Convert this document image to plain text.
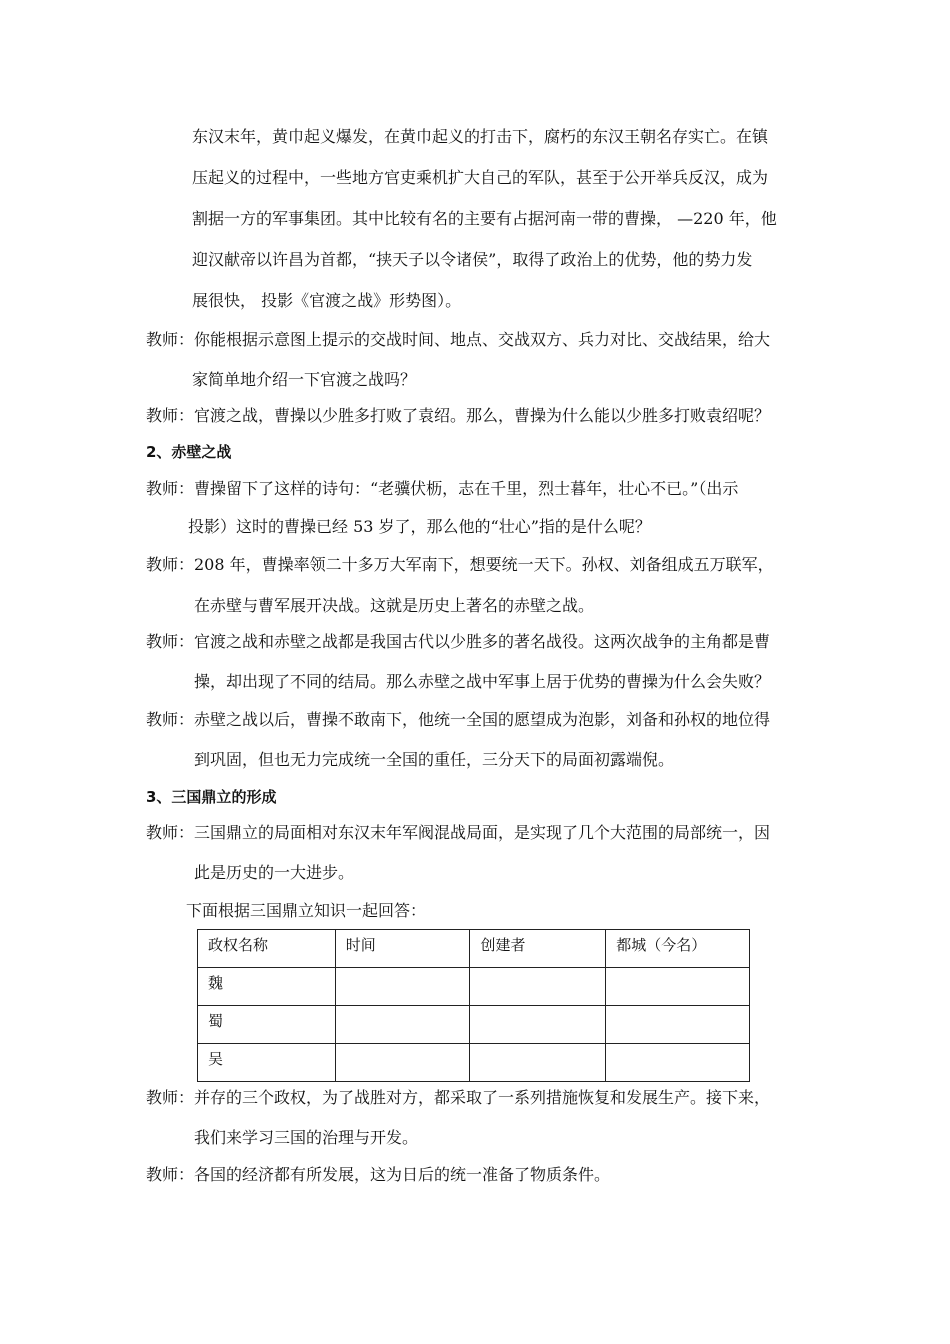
东汉末年，黄巾起义爆发，在黄巾起义的打击下，腐朽的东汉王朝名存实亡。在镇
压起义的过程中，一些地方官吏乘机扩大自己的军队，甚至于公开举兵反汉，成为
割据一方的军事集团。其中比较有名的主要有占据河南一带的曹操， —220 年，他
迎汉献帝以许昌为首都，“挟天子以令诸侯”，取得了政治上的优势，他的势力发
展很快， 投影《官渡之战》形势图）。
教师：你能根据示意图上提示的交战时间、地点、交战双方、兵力对比、交战结果，给大
家简单地介绍一下官渡之战吗？
教师：官渡之战，曹操以少胜多打败了袁绍。那么，曹操为什么能以少胜多打败袁绍呢？
2、赤壁之战
教师：曹操留下了这样的诗句：“老骥伏枥，志在千里，烈士暮年，壮心不已。”（出示
投影）这时的曹操已经 53 岁了，那么他的“壮心”指的是什么呢？
教师：208 年，曹操率领二十多万大军南下，想要统一天下。孙权、刘备组成五万联军，
在赤壁与曹军展开决战。这就是历史上著名的赤壁之战。
教师：官渡之战和赤壁之战都是我国古代以少胜多的著名战役。这两次战争的主角都是曹
操，却出现了不同的结局。那么赤壁之战中军事上居于优势的曹操为什么会失败？
教师：赤壁之战以后，曹操不敢南下，他统一全国的愿望成为泡影，刘备和孙权的地位得
到巩固，但也无力完成统一全国的重任，三分天下的局面初露端倪。
3、三国鼎立的形成
教师：三国鼎立的局面相对东汉末年军阀混战局面，是实现了几个大范围的局部统一，因
此是历史的一大进步。
下面根据三国鼎立知识一起回答：
政权名称	时间	创建者	都城（今名）
魏			
蜀			
吴			
教师：并存的三个政权，为了战胜对方，都采取了一系列措施恢复和发展生产。接下来，
我们来学习三国的治理与开发。
教师：各国的经济都有所发展，这为日后的统一准备了物质条件。
